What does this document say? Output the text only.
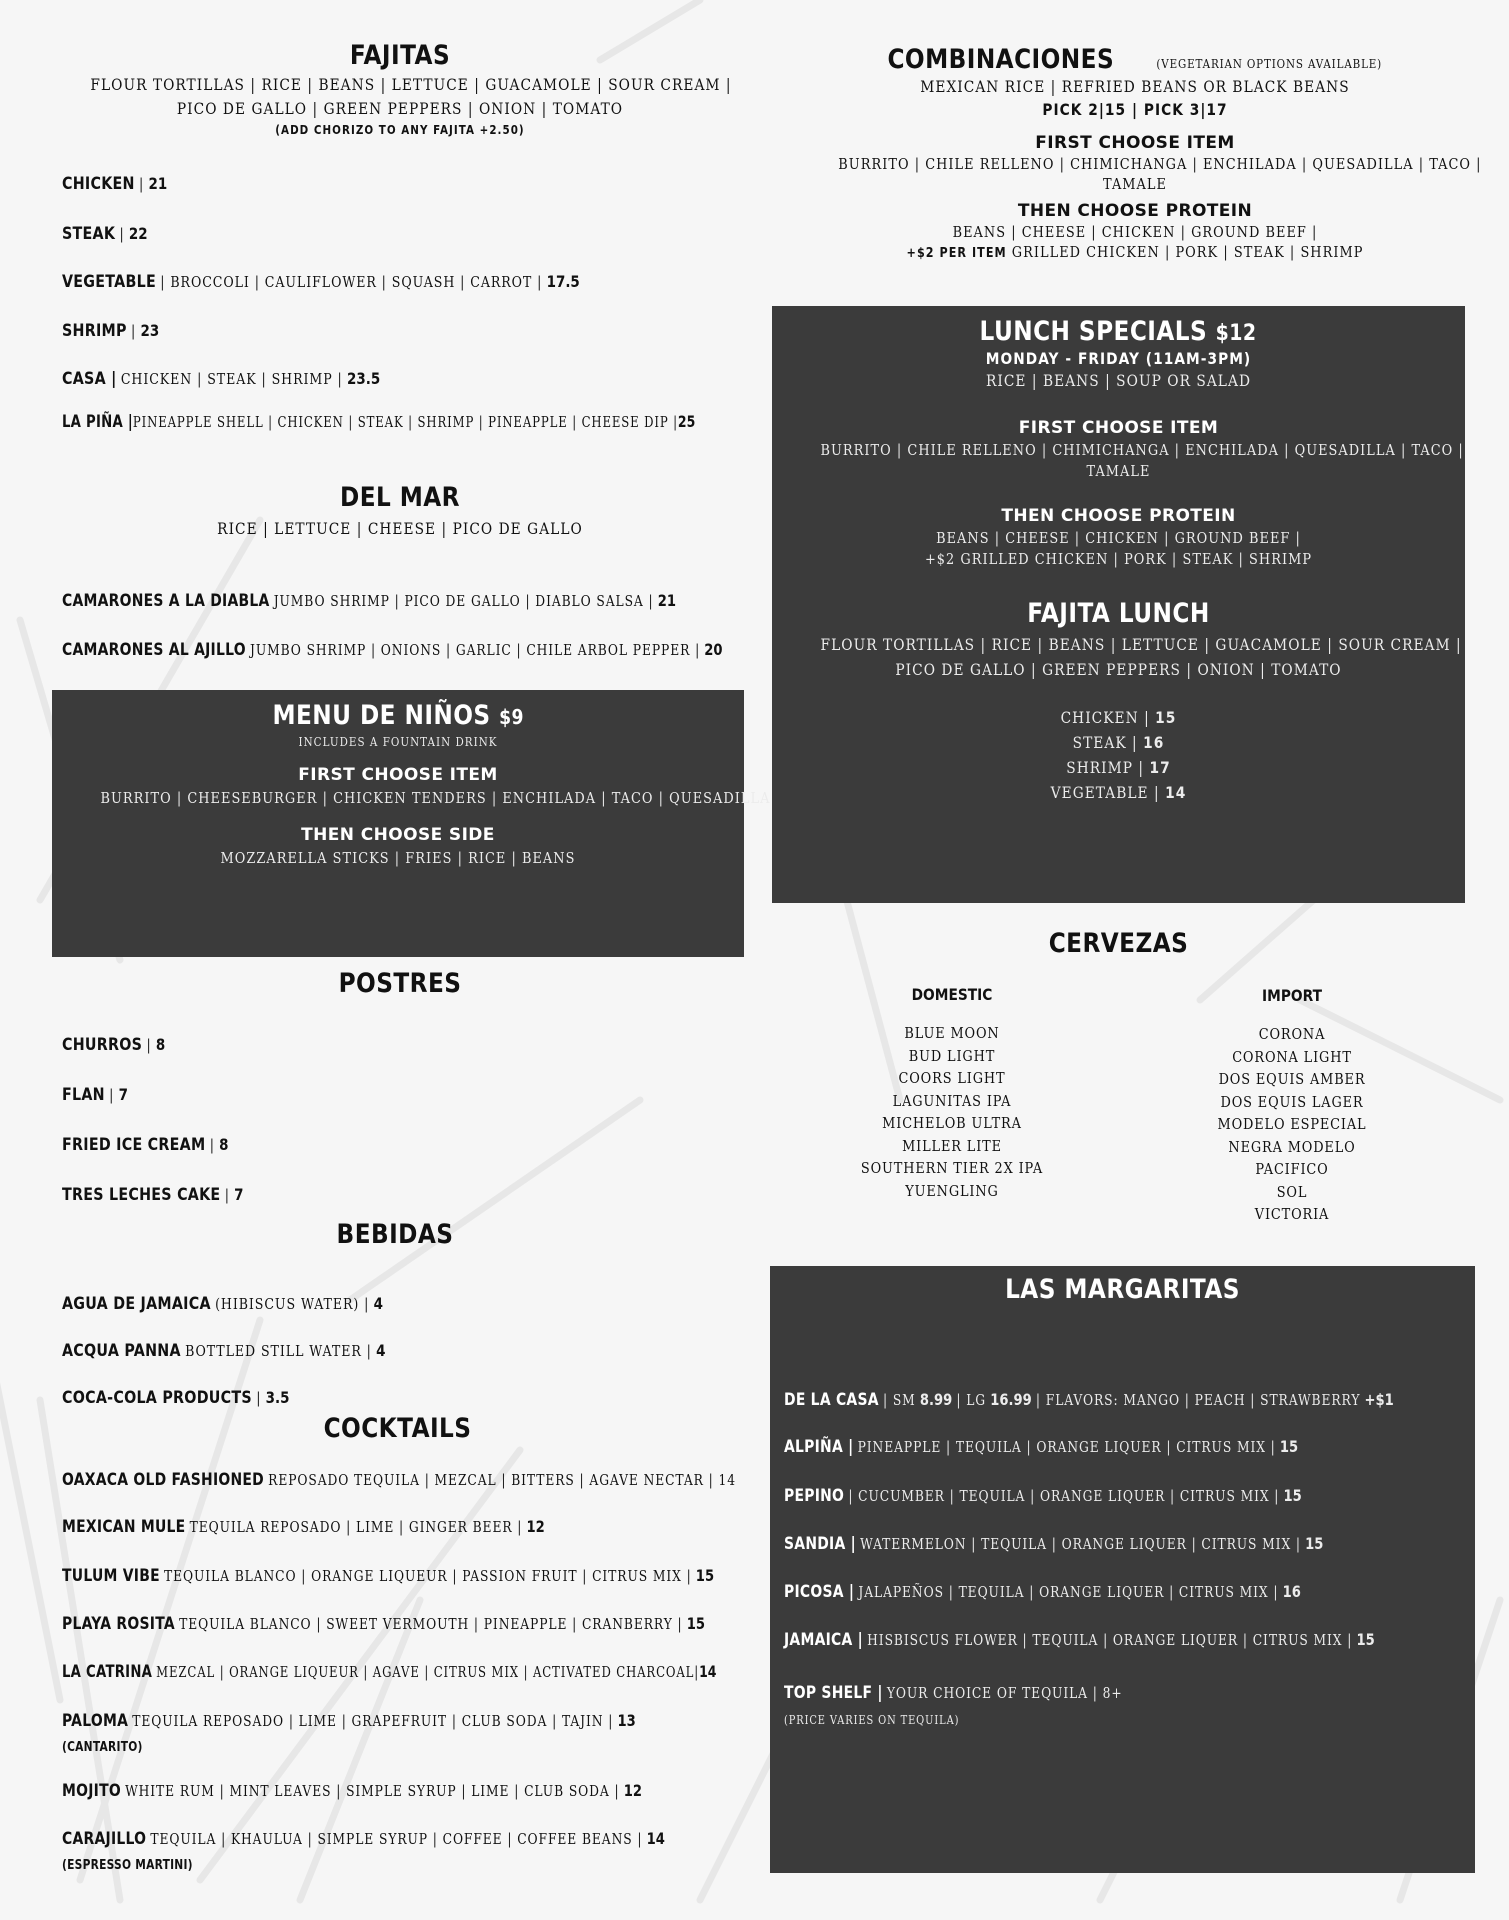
FAJITAS
FLOUR TORTILLAS | RICE | BEANS | LETTUCE | GUACAMOLE | SOUR CREAM |
PICO DE GALLO | GREEN PEPPERS | ONION | TOMATO
(ADD CHORIZO TO ANY FAJITA +2.50)
CHICKEN | 21
STEAK | 22
VEGETABLE | BROCCOLI | CAULIFLOWER | SQUASH | CARROT | 17.5
SHRIMP | 23
CASA | CHICKEN | STEAK | SHRIMP | 23.5
LA PIÑA |PINEAPPLE SHELL | CHICKEN | STEAK | SHRIMP | PINEAPPLE | CHEESE DIP |25
DEL MAR
RICE | LETTUCE | CHEESE | PICO DE GALLO
CAMARONES A LA DIABLA JUMBO SHRIMP | PICO DE GALLO | DIABLO SALSA | 21
CAMARONES AL AJILLO JUMBO SHRIMP | ONIONS | GARLIC | CHILE ARBOL PEPPER | 20
MENU DE NIÑOS $9
INCLUDES A FOUNTAIN DRINK
FIRST CHOOSE ITEM
BURRITO | CHEESEBURGER | CHICKEN TENDERS | ENCHILADA | TACO | QUESADILLA
THEN CHOOSE SIDE
MOZZARELLA STICKS | FRIES | RICE | BEANS
POSTRES
CHURROS | 8
FLAN | 7
FRIED ICE CREAM | 8
TRES LECHES CAKE | 7
BEBIDAS
AGUA DE JAMAICA (HIBISCUS WATER) | 4
ACQUA PANNA BOTTLED STILL WATER | 4
COCA-COLA PRODUCTS | 3.5
COCKTAILS
OAXACA OLD FASHIONED REPOSADO TEQUILA | MEZCAL | BITTERS | AGAVE NECTAR | 14
MEXICAN MULE TEQUILA REPOSADO | LIME | GINGER BEER | 12
TULUM VIBE TEQUILA BLANCO | ORANGE LIQUEUR | PASSION FRUIT | CITRUS MIX | 15
PLAYA ROSITA TEQUILA BLANCO | SWEET VERMOUTH | PINEAPPLE | CRANBERRY | 15
LA CATRINA MEZCAL | ORANGE LIQUEUR | AGAVE | CITRUS MIX | ACTIVATED CHARCOAL|14
PALOMA TEQUILA REPOSADO | LIME | GRAPEFRUIT | CLUB SODA | TAJIN | 13
(CANTARITO)
MOJITO WHITE RUM | MINT LEAVES | SIMPLE SYRUP | LIME | CLUB SODA | 12
CARAJILLO TEQUILA | KHAULUA | SIMPLE SYRUP | COFFEE | COFFEE BEANS | 14
(ESPRESSO MARTINI)
COMBINACIONES	(VEGETARIAN OPTIONS AVAILABLE)
MEXICAN RICE | REFRIED BEANS OR BLACK BEANS
PICK 2|15 | PICK 3|17
FIRST CHOOSE ITEM
BURRITO | CHILE RELLENO | CHIMICHANGA | ENCHILADA | QUESADILLA | TACO |
TAMALE
THEN CHOOSE PROTEIN
BEANS | CHEESE | CHICKEN | GROUND BEEF |
+$2 PER ITEM GRILLED CHICKEN | PORK | STEAK | SHRIMP
LUNCH SPECIALS $12
MONDAY - FRIDAY (11AM-3PM)
RICE | BEANS | SOUP OR SALAD
FIRST CHOOSE ITEM
BURRITO | CHILE RELLENO | CHIMICHANGA | ENCHILADA | QUESADILLA | TACO |
TAMALE
THEN CHOOSE PROTEIN
BEANS | CHEESE | CHICKEN | GROUND BEEF |
+$2 GRILLED CHICKEN | PORK | STEAK | SHRIMP
FAJITA LUNCH
FLOUR TORTILLAS | RICE | BEANS | LETTUCE | GUACAMOLE | SOUR CREAM |
PICO DE GALLO | GREEN PEPPERS | ONION | TOMATO
CHICKEN | 15
STEAK | 16
SHRIMP | 17
VEGETABLE | 14
CERVEZAS
DOMESTIC
BLUE MOON
BUD LIGHT
COORS LIGHT
LAGUNITAS IPA
MICHELOB ULTRA
MILLER LITE
SOUTHERN TIER 2X IPA
YUENGLING
IMPORT
CORONA
CORONA LIGHT
DOS EQUIS AMBER
DOS EQUIS LAGER
MODELO ESPECIAL
NEGRA MODELO
PACIFICO
SOL
VICTORIA
LAS MARGARITAS
DE LA CASA | SM 8.99 | LG 16.99 | FLAVORS: MANGO | PEACH | STRAWBERRY +$1
ALPIÑA | PINEAPPLE | TEQUILA | ORANGE LIQUER | CITRUS MIX | 15
PEPINO | CUCUMBER | TEQUILA | ORANGE LIQUER | CITRUS MIX | 15
SANDIA | WATERMELON | TEQUILA | ORANGE LIQUER | CITRUS MIX | 15
PICOSA | JALAPEÑOS | TEQUILA | ORANGE LIQUER | CITRUS MIX | 16
JAMAICA | HISBISCUS FLOWER | TEQUILA | ORANGE LIQUER | CITRUS MIX | 15
TOP SHELF | YOUR CHOICE OF TEQUILA | 8+
(PRICE VARIES ON TEQUILA)
